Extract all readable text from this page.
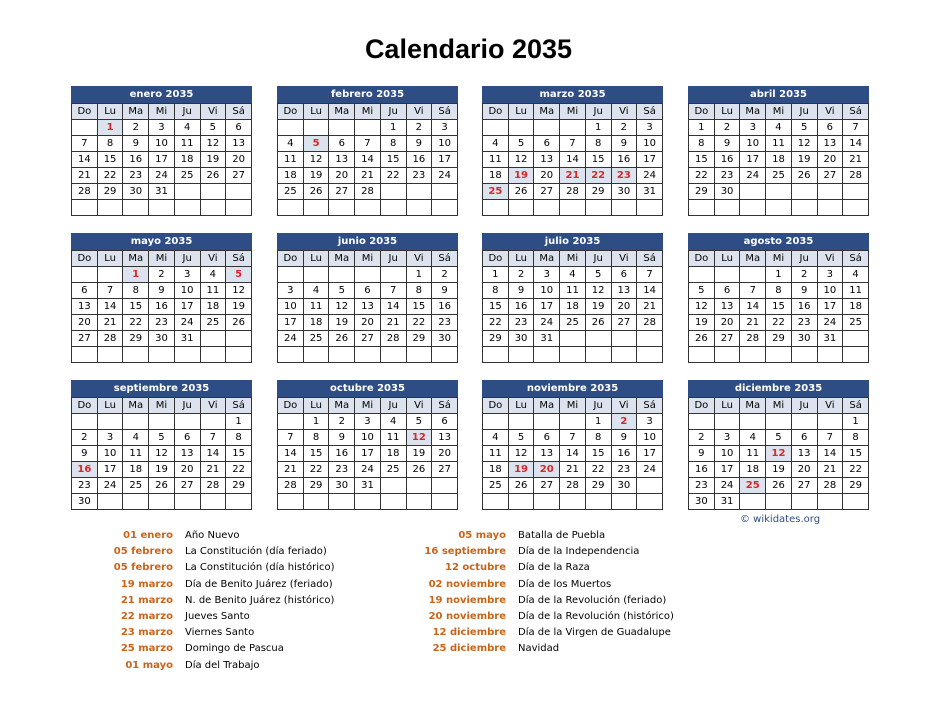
Calendario 2035
enero 2035
Do	Lu	Ma	Mi	Ju	Vi	Sá
	1	2	3	4	5	6
7	8	9	10	11	12	13
14	15	16	17	18	19	20
21	22	23	24	25	26	27
28	29	30	31			

febrero 2035
Do	Lu	Ma	Mi	Ju	Vi	Sá
				1	2	3
4	5	6	7	8	9	10
11	12	13	14	15	16	17
18	19	20	21	22	23	24
25	26	27	28			

marzo 2035
Do	Lu	Ma	Mi	Ju	Vi	Sá
				1	2	3
4	5	6	7	8	9	10
11	12	13	14	15	16	17
18	19	20	21	22	23	24
25	26	27	28	29	30	31

abril 2035
Do	Lu	Ma	Mi	Ju	Vi	Sá
1	2	3	4	5	6	7
8	9	10	11	12	13	14
15	16	17	18	19	20	21
22	23	24	25	26	27	28
29	30					

mayo 2035
Do	Lu	Ma	Mi	Ju	Vi	Sá
		1	2	3	4	5
6	7	8	9	10	11	12
13	14	15	16	17	18	19
20	21	22	23	24	25	26
27	28	29	30	31		

junio 2035
Do	Lu	Ma	Mi	Ju	Vi	Sá
					1	2
3	4	5	6	7	8	9
10	11	12	13	14	15	16
17	18	19	20	21	22	23
24	25	26	27	28	29	30

julio 2035
Do	Lu	Ma	Mi	Ju	Vi	Sá
1	2	3	4	5	6	7
8	9	10	11	12	13	14
15	16	17	18	19	20	21
22	23	24	25	26	27	28
29	30	31				

agosto 2035
Do	Lu	Ma	Mi	Ju	Vi	Sá
			1	2	3	4
5	6	7	8	9	10	11
12	13	14	15	16	17	18
19	20	21	22	23	24	25
26	27	28	29	30	31	

septiembre 2035
Do	Lu	Ma	Mi	Ju	Vi	Sá
						1
2	3	4	5	6	7	8
9	10	11	12	13	14	15
16	17	18	19	20	21	22
23	24	25	26	27	28	29
30						
octubre 2035
Do	Lu	Ma	Mi	Ju	Vi	Sá
	1	2	3	4	5	6
7	8	9	10	11	12	13
14	15	16	17	18	19	20
21	22	23	24	25	26	27
28	29	30	31			

noviembre 2035
Do	Lu	Ma	Mi	Ju	Vi	Sá
				1	2	3
4	5	6	7	8	9	10
11	12	13	14	15	16	17
18	19	20	21	22	23	24
25	26	27	28	29	30	

diciembre 2035
Do	Lu	Ma	Mi	Ju	Vi	Sá
						1
2	3	4	5	6	7	8
9	10	11	12	13	14	15
16	17	18	19	20	21	22
23	24	25	26	27	28	29
30	31					
© wikidates.org
01 enero Año Nuevo
05 febrero La Constitución (día feriado)
05 febrero La Constitución (día histórico)
19 marzo Día de Benito Juárez (feriado)
21 marzo N. de Benito Juárez (histórico)
22 marzo Jueves Santo
23 marzo Viernes Santo
25 marzo Domingo de Pascua
01 mayo Día del Trabajo
05 mayo Batalla de Puebla
16 septiembre Día de la Independencia
12 octubre Día de la Raza
02 noviembre Día de los Muertos
19 noviembre Día de la Revolución (feriado)
20 noviembre Día de la Revolución (histórico)
12 diciembre Día de la Virgen de Guadalupe
25 diciembre Navidad
